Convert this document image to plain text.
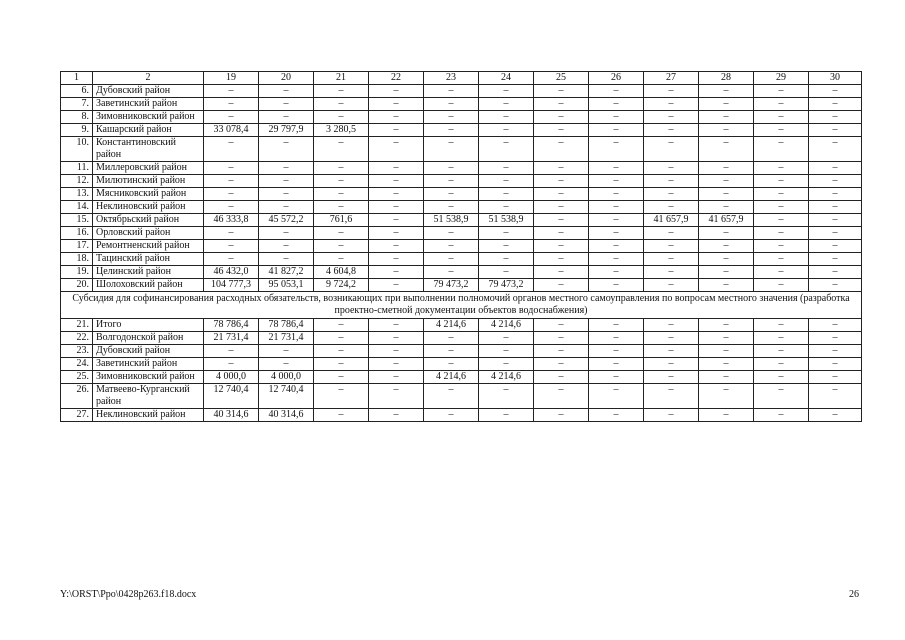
1	2	19	20	21	22	23	24	25	26	27	28	29	30
6.	Дубовский район	–	–	–	–	–	–	–	–	–	–	–	–
7.	Заветинский район	–	–	–	–	–	–	–	–	–	–	–	–
8.	Зимовниковский район	–	–	–	–	–	–	–	–	–	–	–	–
9.	Кашарский район	33 078,4	29 797,9	3 280,5	–	–	–	–	–	–	–	–	–
10.	Константиновский район	–	–	–	–	–	–	–	–	–	–	–	–
11.	Миллеровский район	–	–	–	–	–	–	–	–	–	–	–	–
12.	Милютинский район	–	–	–	–	–	–	–	–	–	–	–	–
13.	Мясниковский район	–	–	–	–	–	–	–	–	–	–	–	–
14.	Неклиновский район	–	–	–	–	–	–	–	–	–	–	–	–
15.	Октябрьский район	46 333,8	45 572,2	761,6	–	51 538,9	51 538,9	–	–	41 657,9	41 657,9	–	–
16.	Орловский район	–	–	–	–	–	–	–	–	–	–	–	–
17.	Ремонтненский район	–	–	–	–	–	–	–	–	–	–	–	–
18.	Тацинский район	–	–	–	–	–	–	–	–	–	–	–	–
19.	Целинский район	46 432,0	41 827,2	4 604,8	–	–	–	–	–	–	–	–	–
20.	Шолоховский район	104 777,3	95 053,1	9 724,2	–	79 473,2	79 473,2	–	–	–	–	–	–
Субсидия для софинансирования расходных обязательств, возникающих при выполнении полномочий органов местного самоуправления по вопросам местного значения (разработка проектно-сметной документации объектов водоснабжения)													
21.	Итого	78 786,4	78 786,4	–	–	4 214,6	4 214,6	–	–	–	–	–	–
22.	Волгодонской район	21 731,4	21 731,4	–	–	–	–	–	–	–	–	–	–
23.	Дубовский район	–	–	–	–	–	–	–	–	–	–	–	–
24.	Заветинский район	–	–	–	–	–	–	–	–	–	–	–	–
25.	Зимовниковский район	4 000,0	4 000,0	–	–	4 214,6	4 214,6	–	–	–	–	–	–
26.	Матвеево-Курганский район	12 740,4	12 740,4	–	–	–	–	–	–	–	–	–	–
27.	Неклиновский район	40 314,6	40 314,6	–	–	–	–	–	–	–	–	–	–
Y:\ORST\Ppo\0428p263.f18.docx	26
